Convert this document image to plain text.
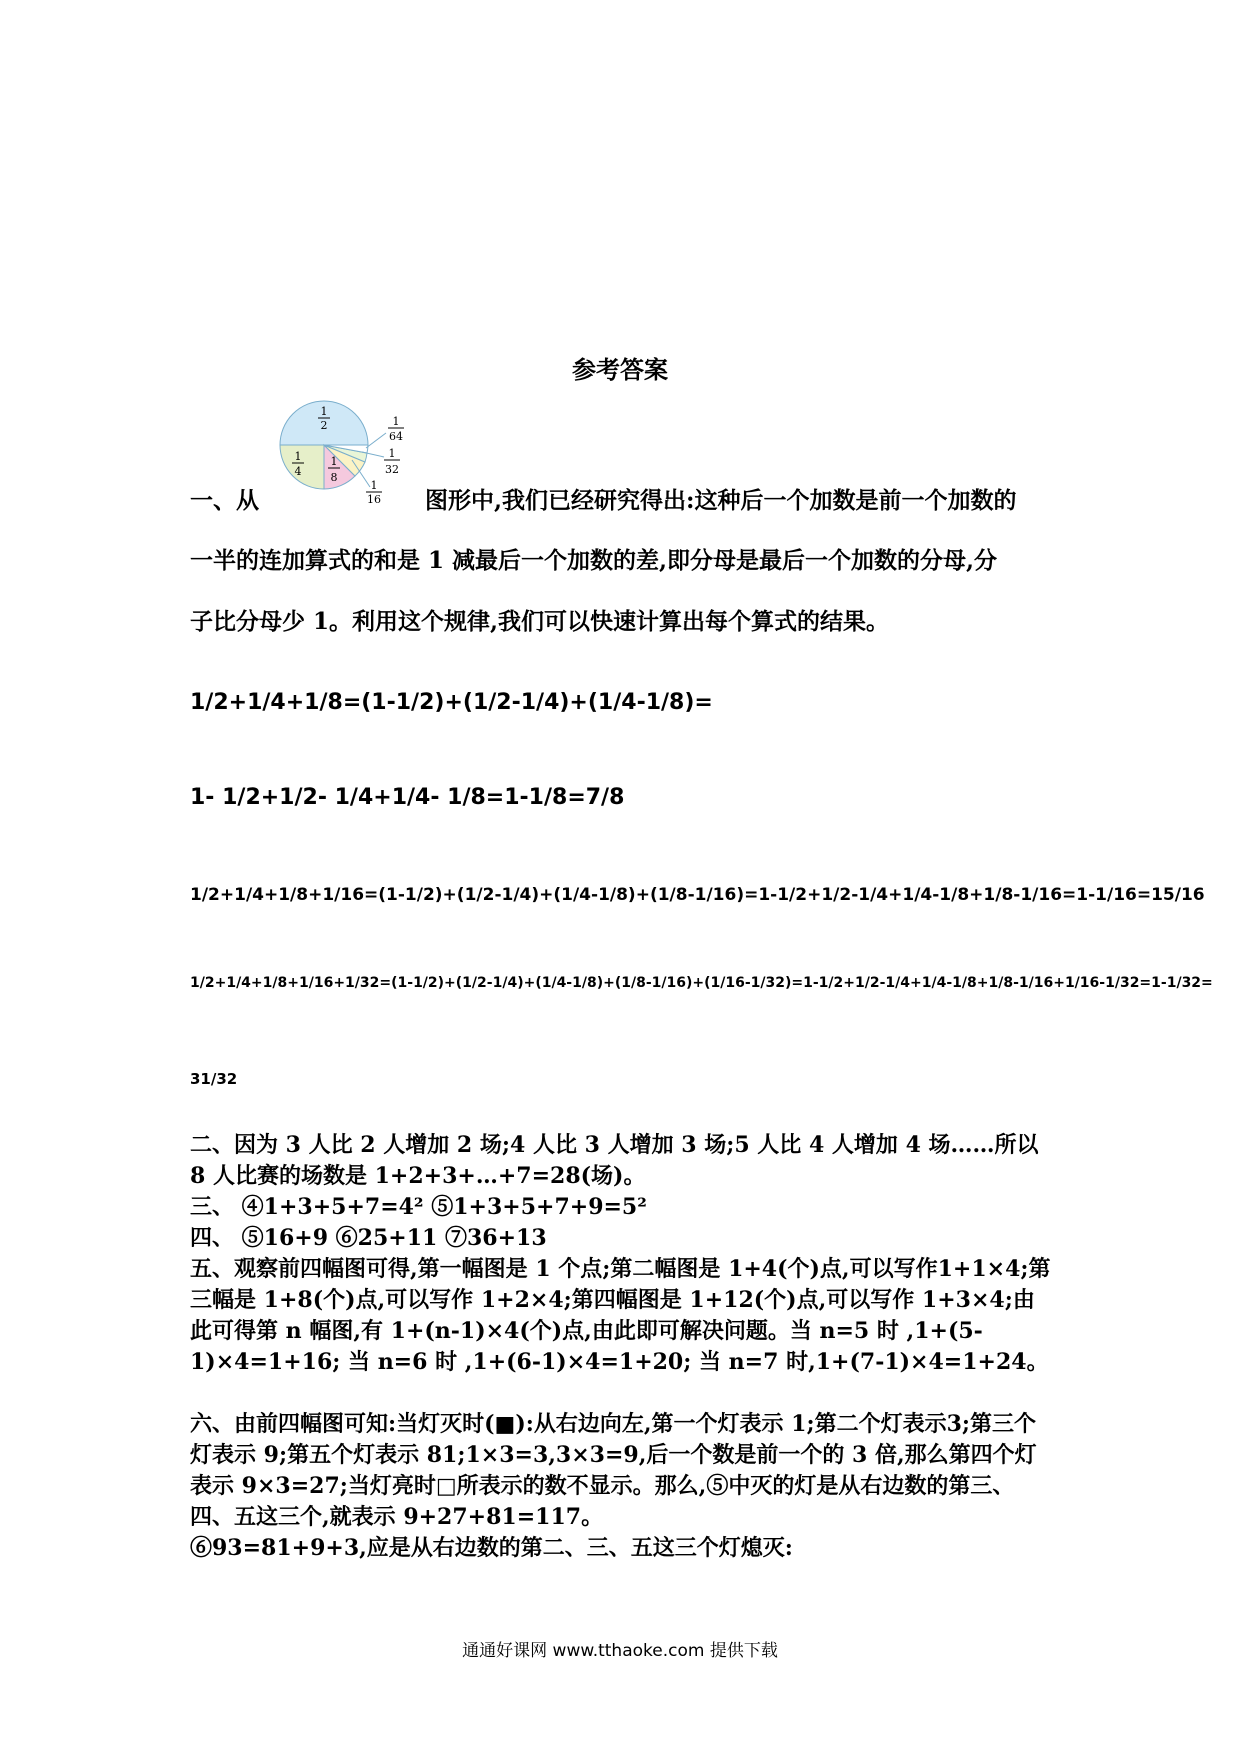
参考答案
1
2
1
4
1
8
1
64
1
32
1
16
一、从	图形中,我们已经研究得出:这种后一个加数是前一个加数的
一半的连加算式的和是 1 减最后一个加数的差,即分母是最后一个加数的分母,分
子比分母少 1。利用这个规律,我们可以快速计算出每个算式的结果。
1/2+1/4+1/8=(1-1/2)+(1/2-1/4)+(1/4-1/8)=
1- 1/2+1/2- 1/4+1/4- 1/8=1-1/8=7/8
1/2+1/4+1/8+1/16=(1-1/2)+(1/2-1/4)+(1/4-1/8)+(1/8-1/16)=1-1/2+1/2-1/4+1/4-1/8+1/8-1/16=1-1/16=15/16
1/2+1/4+1/8+1/16+1/32=(1-1/2)+(1/2-1/4)+(1/4-1/8)+(1/8-1/16)+(1/16-1/32)=1-1/2+1/2-1/4+1/4-1/8+1/8-1/16+1/16-1/32=1-1/32=
31/32
二、因为 3 人比 2 人增加 2 场;4 人比 3 人增加 3 场;5 人比 4 人增加 4 场……所以 8 人比赛的场数是 1+2+3+…+7=28(场)。
三、 ④1+3+5+7=4² ⑤1+3+5+7+9=5²
四、 ⑤16+9 ⑥25+11 ⑦36+13
五、观察前四幅图可得,第一幅图是 1 个点;第二幅图是 1+4(个)点,可以写作1+1×4;第三幅是 1+8(个)点,可以写作 1+2×4;第四幅图是 1+12(个)点,可以写作 1+3×4;由此可得第 n 幅图,有 1+(n-1)×4(个)点,由此即可解决问题。当 n=5 时 ,1+(5-1)×4=1+16; 当 n=6 时 ,1+(6-1)×4=1+20; 当 n=7 时,1+(7-1)×4=1+24。
六、由前四幅图可知:当灯灭时(■):从右边向左,第一个灯表示 1;第二个灯表示3;第三个灯表示 9;第五个灯表示 81;1×3=3,3×3=9,后一个数是前一个的 3 倍,那么第四个灯表示 9×3=27;当灯亮时□所表示的数不显示。那么,⑤中灭的灯是从右边数的第三、四、五这三个,就表示 9+27+81=117。
⑥93=81+9+3,应是从右边数的第二、三、五这三个灯熄灭:
通通好课网 www.tthaoke.com 提供下载
